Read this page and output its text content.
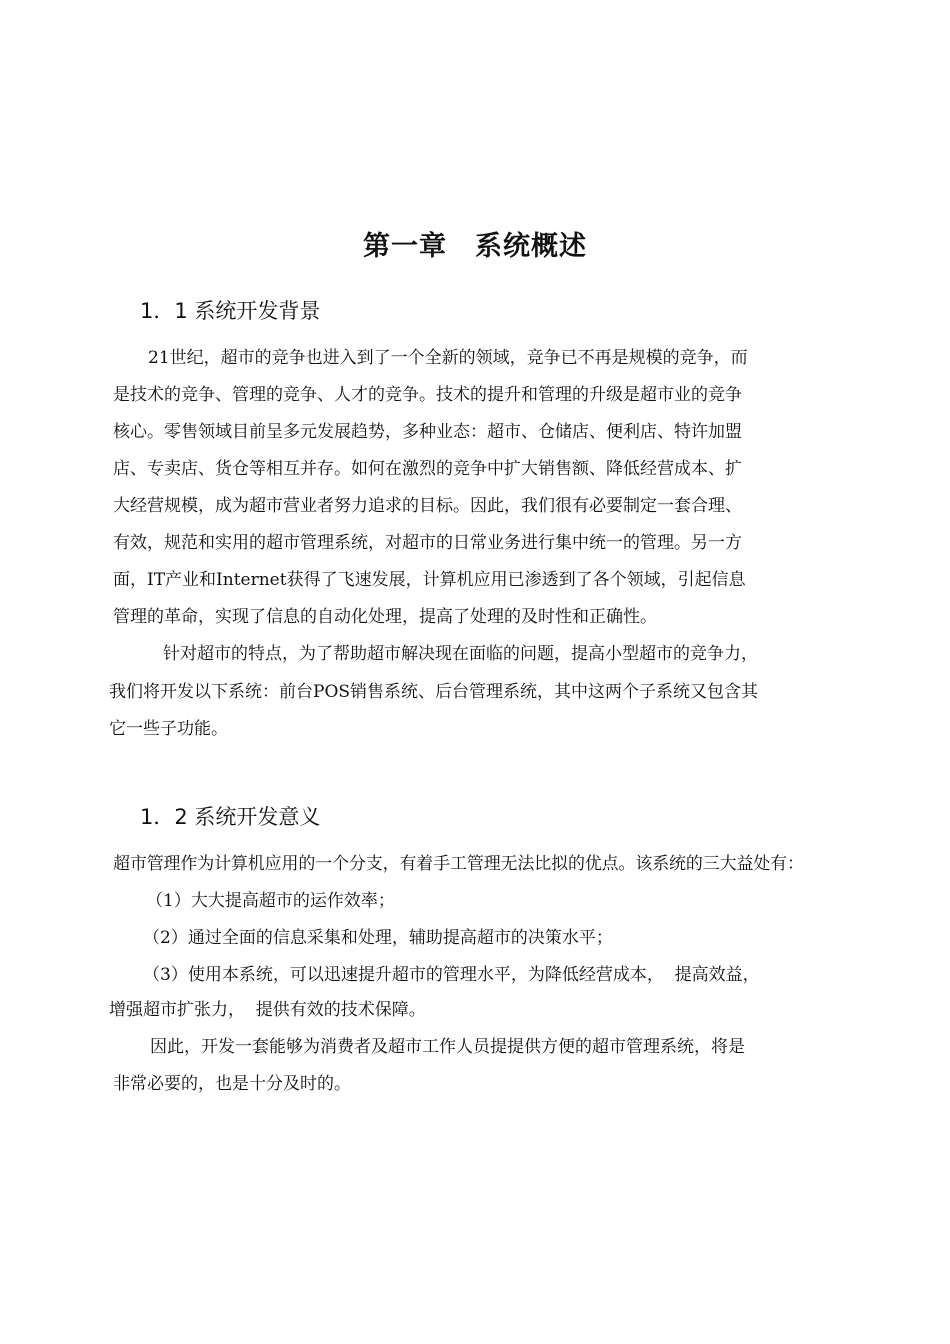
第一章　系统概述
1．1 系统开发背景

21世纪，超市的竞争也进入到了一个全新的领域，竞争已不再是规模的竞争，而

是技术的竞争、管理的竞争、人才的竞争。技术的提升和管理的升级是超市业的竞争

核心。零售领域目前呈多元发展趋势，多种业态：超市、仓储店、便利店、特许加盟

店、专卖店、货仓等相互并存。如何在激烈的竞争中扩大销售额、降低经营成本、扩

大经营规模，成为超市营业者努力追求的目标。因此，我们很有必要制定一套合理、

有效，规范和实用的超市管理系统，对超市的日常业务进行集中统一的管理。另一方

面，IT产业和Internet获得了飞速发展，计算机应用已渗透到了各个领域，引起信息

管理的革命，实现了信息的自动化处理，提高了处理的及时性和正确性。

针对超市的特点，为了帮助超市解决现在面临的问题，提高小型超市的竞争力，

我们将开发以下系统：前台POS销售系统、后台管理系统，其中这两个子系统又包含其

它一些子功能。

1．2 系统开发意义

超市管理作为计算机应用的一个分支，有着手工管理无法比拟的优点。该系统的三大益处有：

（1）大大提高超市的运作效率；

（2）通过全面的信息采集和处理，辅助提高超市的决策水平；

（3）使用本系统，可以迅速提升超市的管理水平，为降低经营成本，  提高效益，

增强超市扩张力，  提供有效的技术保障。

因此，开发一套能够为消费者及超市工作人员提提供方便的超市管理系统，将是

非常必要的，也是十分及时的。
